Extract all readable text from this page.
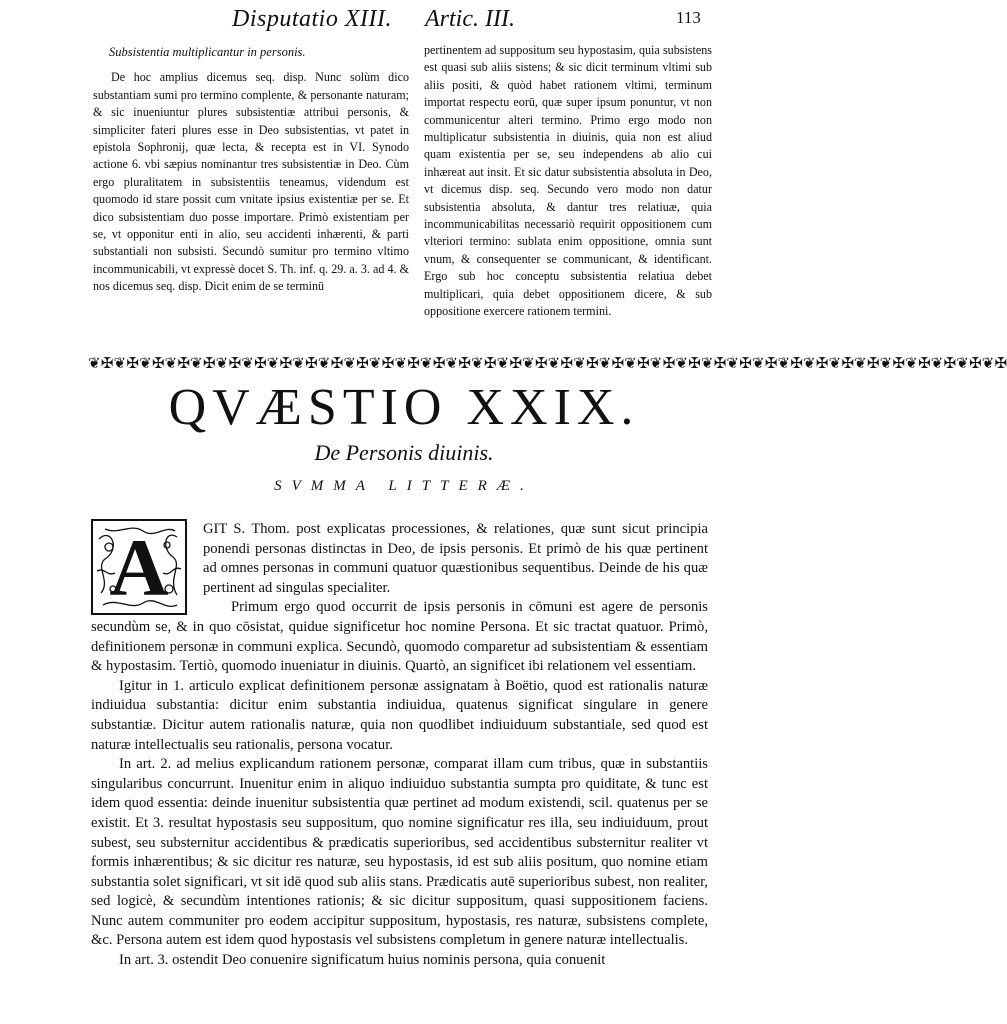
Disputatio XIII. Artic. III.	113
Subsistentia multiplicantur in personis.

De hoc amplius dicemus seq. disp. Nunc solùm dico substantiam sumi pro termino complente, & personante naturam; & sic inueniuntur plures subsistentiæ attribui personis, & simpliciter fateri plures esse in Deo subsistentias, vt patet in epistola Sophronij, quæ lecta, & recepta est in VI. Synodo actione 6. vbi sæpius nominantur tres subsistentiæ in Deo. Cùm ergo pluralitatem in subsistentiis teneamus, videndum est quomodo id stare possit cum vnitate ipsius existentiæ per se. Et dico subsistentiam duo posse importare. Primò existentiam per se, vt opponitur enti in alio, seu accidenti inhærenti, & parti substantiali non subsisti. Secundò sumitur pro termino vltimo incommunicabili, vt expressè docet S. Th. inf. q. 29. a. 3. ad 4. & nos dicemus seq. disp. Dicit enim de se terminū

pertinentem ad suppositum seu hypostasim, quia subsistens est quasi sub aliis sistens; & sic dicit terminum vltimi sub aliis positi, & quòd habet rationem vltimi, terminum importat respectu eorū, quæ super ipsum ponuntur, vt non communicentur alteri termino. Primo ergo modo non multiplicatur subsistentia in diuinis, quia non est aliud quam existentia per se, seu independens ab alio cui inhæreat aut insit. Et sic datur subsistentia absoluta in Deo, vt dicemus disp. seq. Secundo vero modo non datur subsistentia absoluta, & dantur tres relatiuæ, quia incommunicabilitas necessariò requirit oppositionem cum vlteriori termino: sublata enim oppositione, omnia sunt vnum, & consequenter se communicant, & identificant. Ergo sub hoc conceptu subsistentia relatiua debet multiplicari, quia debet oppositionem dicere, & sub oppositione exercere rationem termini.

❦✠❦✠❦✠❦✠❦✠❦✠❦✠❦✠❦✠❦✠❦✠❦✠❦✠❦✠❦✠❦✠❦✠❦✠❦✠❦✠❦✠❦✠❦✠❦✠❦✠❦✠❦✠❦✠❦✠❦✠❦✠❦✠❦✠❦✠❦✠❦✠
QVÆSTIO XXIX.
De Personis diuinis.
SVMMA LITTERÆ.
A	GIT S. Thom. post explicatas processiones, & relationes, quæ sunt sicut principia ponendi personas distinctas in Deo, de ipsis personis. Et primò de his quæ pertinent ad omnes personas in communi quatuor quæstionibus sequentibus. Deinde de his quæ pertinent ad singulas specialiter.

Primum ergo quod occurrit de ipsis personis in cōmuni est agere de personis secundùm se, & in quo cōsistat, quidue significetur hoc nomine Persona. Et sic tractat quatuor. Primò, definitionem personæ in communi explica. Secundò, quomodo comparetur ad subsistentiam & essentiam & hypostasim. Tertiò, quomodo inueniatur in diuinis. Quartò, an significet ibi relationem vel essentiam.

Igitur in 1. articulo explicat definitionem personæ assignatam à Boëtio, quod est rationalis naturæ indiuidua substantia: dicitur enim substantia indiuidua, quatenus significat singulare in genere substantiæ. Dicitur autem rationalis naturæ, quia non quodlibet indiuiduum substantiale, sed quod est naturæ intellectualis seu rationalis, persona vocatur.

In art. 2. ad melius explicandum rationem personæ, comparat illam cum tribus, quæ in substantiis singularibus concurrunt. Inuenitur enim in aliquo indiuiduo substantia sumpta pro quiditate, & tunc est idem quod essentia: deinde inuenitur subsistentia quæ pertinet ad modum existendi, scil. quatenus per se existit. Et 3. resultat hypostasis seu suppositum, quo nomine significatur res illa, seu indiuiduum, prout subest, seu substernitur accidentibus & prædicatis superioribus, sed accidentibus substernitur realiter vt formis inhærentibus; & sic dicitur res naturæ, seu hypostasis, id est sub aliis positum, quo nomine etiam substantia solet significari, vt sit idē quod sub aliis stans. Prædicatis autē superioribus subest, non realiter, sed logicè, & secundùm intentiones rationis; & sic dicitur suppositum, quasi suppositionem faciens. Nunc autem communiter pro eodem accipitur suppositum, hypostasis, res naturæ, subsistens complete, &c. Persona autem est idem quod hypostasis vel subsistens completum in genere naturæ intellectualis.

In art. 3. ostendit Deo conuenire significatum huius nominis persona, quia conuenit
